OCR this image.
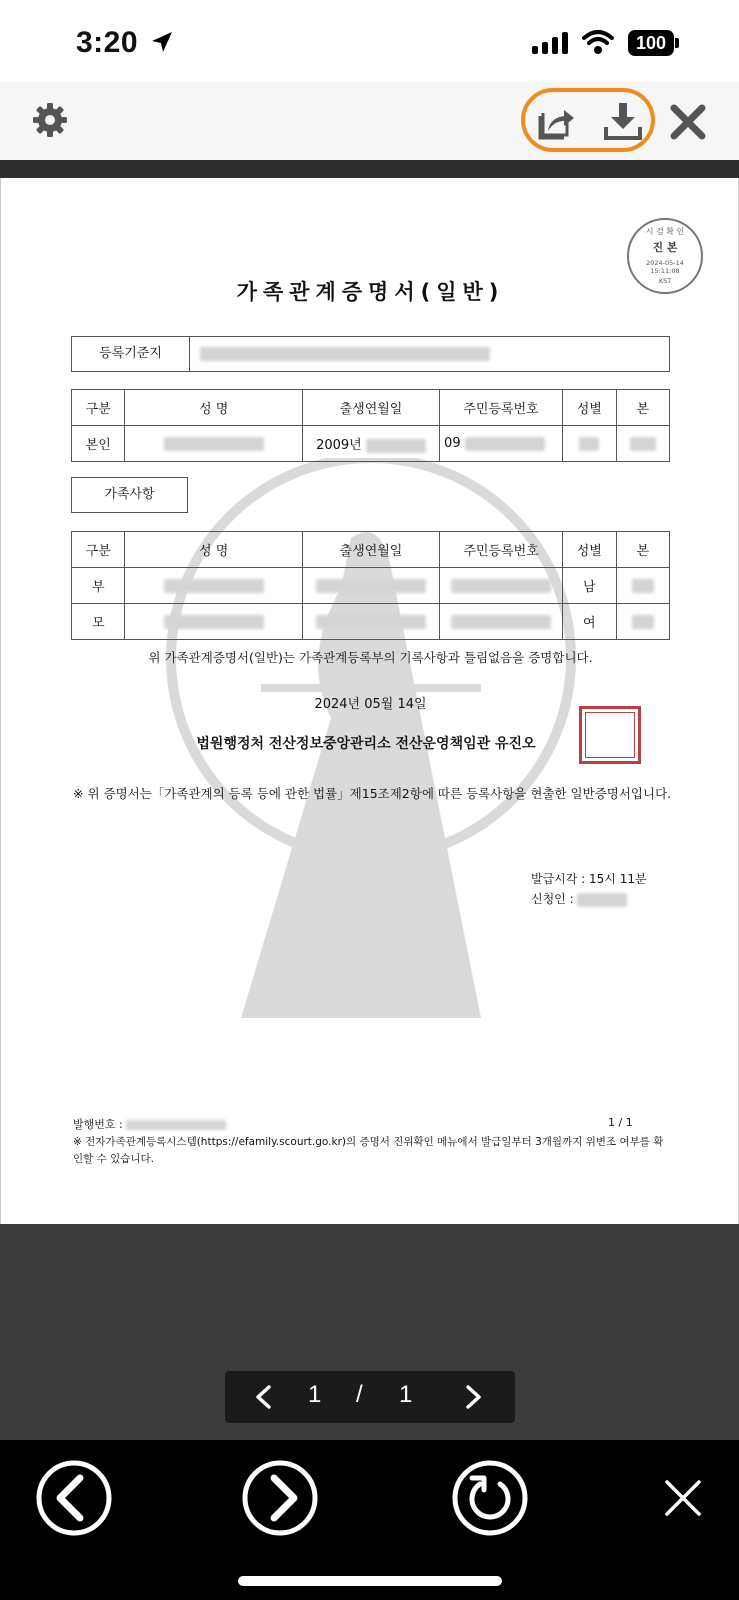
3:20	100
시 검 확 인
진 본
2024-05-14
15:11:08
KST
가족관계증명서(일반)
등록기준지
구분	성 명	출생연월일	주민등록번호	성별	본
본인		2009년	09		
가족사항
구분	성 명	출생연월일	주민등록번호	성별	본
부				남	
모				여	
위 가족관계증명서(일반)는 가족관계등록부의 기록사항과 틀림없음을 증명합니다.
2024년 05월 14일
법원행정처 전산정보중앙관리소 전산운영책임관 유진오
※ 위 증명서는「가족관계의 등록 등에 관한 법률」제15조제2항에 따른 등록사항을 현출한 일반증명서입니다.
발급시각 : 15시 11분
신청인 :
발행번호 :	1 / 1
※ 전자가족관계등록시스템(https://efamily.scourt.go.kr)의 증명서 진위확인 메뉴에서 발급일부터 3개월까지 위변조 여부를 확인할 수 있습니다.
1 / 1
